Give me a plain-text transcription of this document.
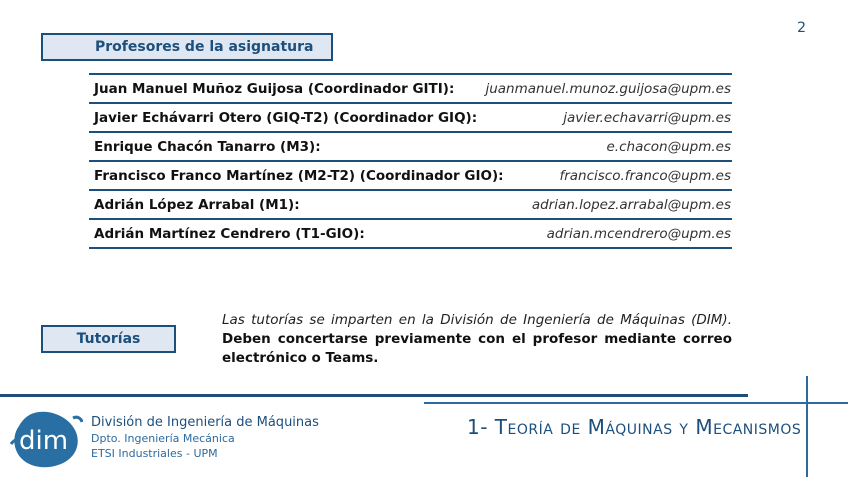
2
Profesores de la asignatura
Juan Manuel Muñoz Guijosa (Coordinador GITI): juanmanuel.munoz.guijosa@upm.es
Javier Echávarri Otero (GIQ-T2) (Coordinador GIQ):	javier.echavarri@upm.es
Enrique Chacón Tanarro (M3):	e.chacon@upm.es
Francisco Franco Martínez (M2-T2) (Coordinador GIO):	francisco.franco@upm.es
Adrián López Arrabal (M1):	adrian.lopez.arrabal@upm.es
Adrián Martínez Cendrero (T1-GIO):	adrian.mcendrero@upm.es
Tutorías
Las tutorías se imparten en la División de Ingeniería de Máquinas (DIM). Deben concertarse previamente con el profesor mediante correo electrónico o Teams.
dim
División de Ingeniería de Máquinas
Dpto. Ingeniería Mecánica
ETSI Industriales - UPM
1- Teoría de Máquinas y Mecanismos
